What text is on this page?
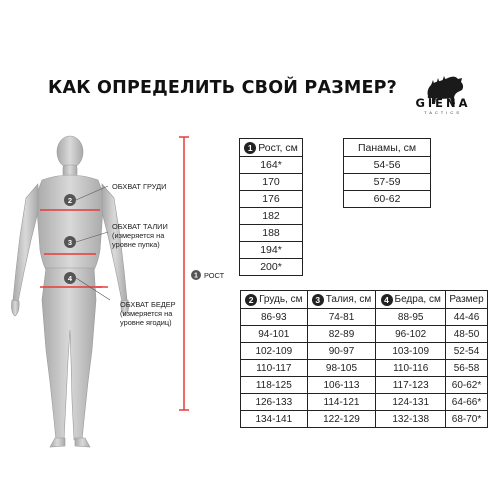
КАК ОПРЕДЕЛИТЬ СВОЙ РАЗМЕР?
GIENA
TACTICS
2
3
4	1
ОБХВАТ ГРУДИ
ОБХВАТ ТАЛИИ
(измеряется на
уровне пупка)
ОБХВАТ БЕДЕР
(измеряется на
уровне ягодиц)
РОСТ
1 Рост, см

164*
170
176
182
188
194*
200*
Панамы, см
54-56
57-59
60-62
2 Грудь, см	3 Талия, см	4 Бедра, см	Размер
86-93	74-81	88-95	44-46
94-101	82-89	96-102	48-50
102-109	90-97	103-109	52-54
110-117	98-105	110-116	56-58
118-125	106-113	117-123	60-62*
126-133	114-121	124-131	64-66*
134-141	122-129	132-138	68-70*
